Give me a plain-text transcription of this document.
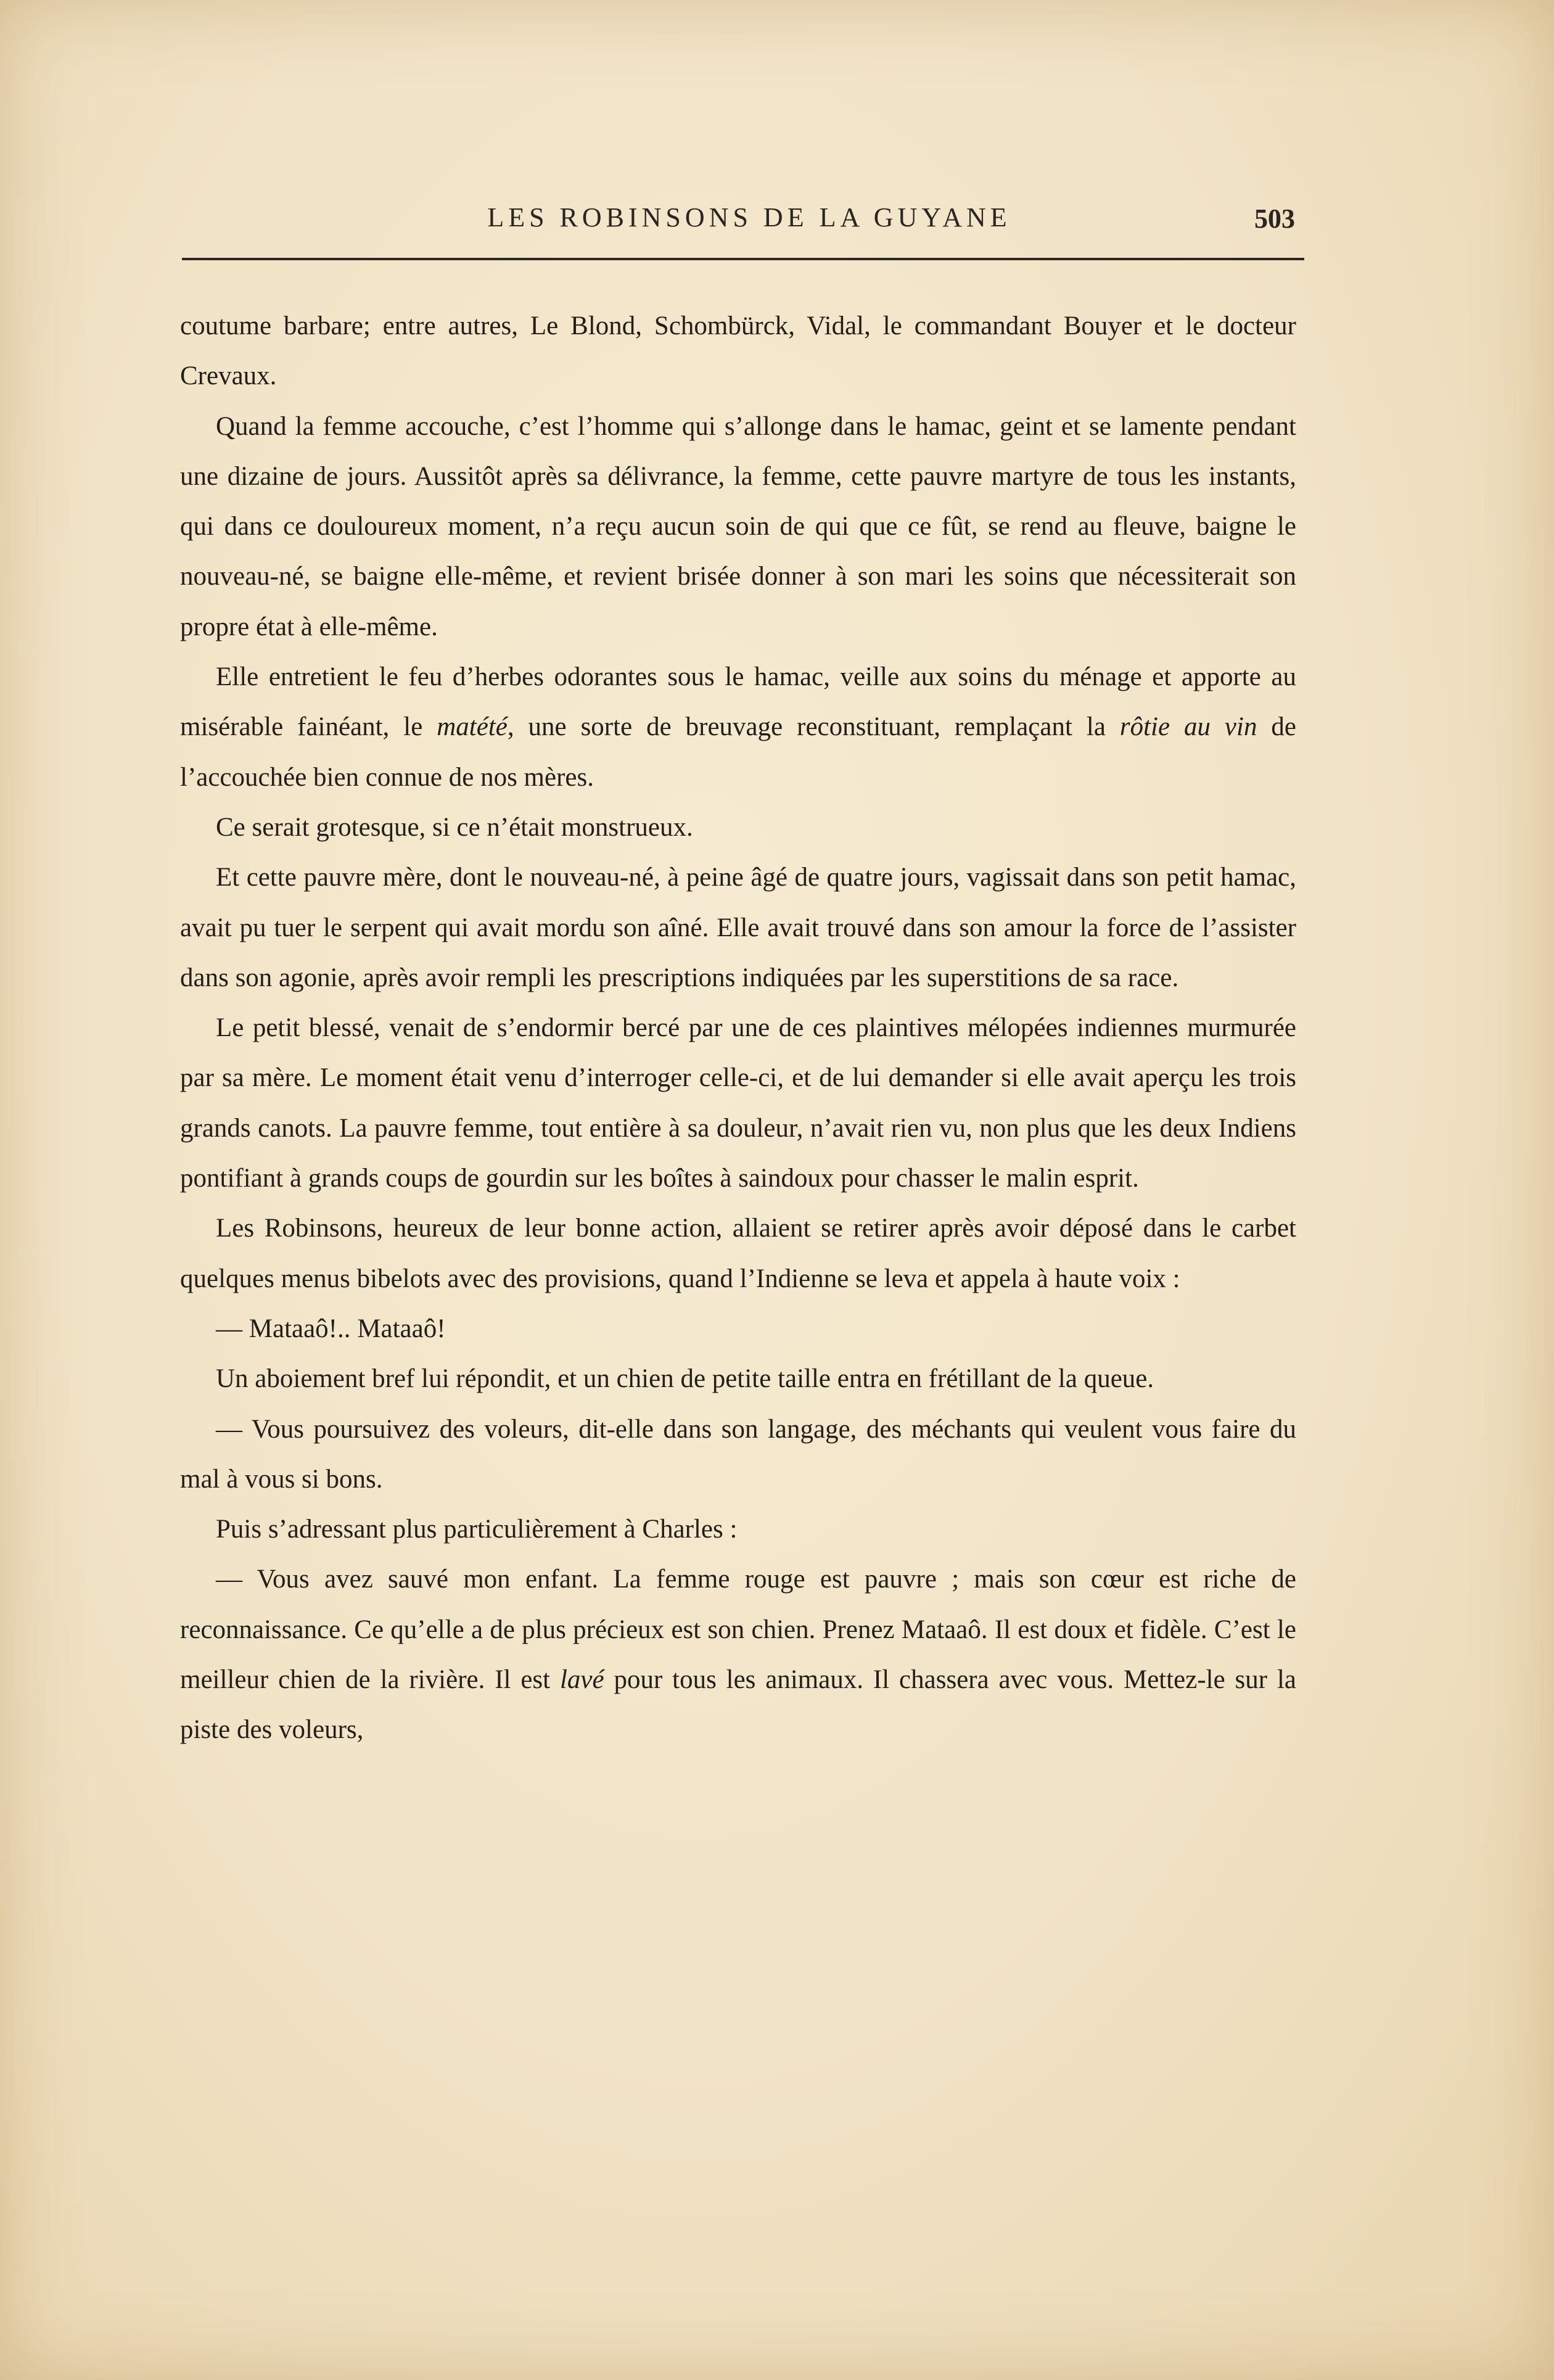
LES ROBINSONS DE LA GUYANE	503

coutume barbare; entre autres, Le Blond, Schombürck, Vidal, le commandant Bouyer et le docteur Crevaux.

Quand la femme accouche, c’est l’homme qui s’allonge dans le hamac, geint et se lamente pendant une dizaine de jours. Aussitôt après sa délivrance, la femme, cette pauvre martyre de tous les instants, qui dans ce douloureux moment, n’a reçu aucun soin de qui que ce fût, se rend au fleuve, baigne le nouveau-né, se baigne elle-même, et revient brisée donner à son mari les soins que nécessiterait son propre état à elle-même.

Elle entretient le feu d’herbes odorantes sous le hamac, veille aux soins du ménage et apporte au misérable fainéant, le matété, une sorte de breuvage reconstituant, remplaçant la rôtie au vin de l’accouchée bien connue de nos mères.

Ce serait grotesque, si ce n’était monstrueux.

Et cette pauvre mère, dont le nouveau-né, à peine âgé de quatre jours, vagissait dans son petit hamac, avait pu tuer le serpent qui avait mordu son aîné. Elle avait trouvé dans son amour la force de l’assister dans son agonie, après avoir rempli les prescriptions indiquées par les superstitions de sa race.

Le petit blessé, venait de s’endormir bercé par une de ces plaintives mélopées indiennes murmurée par sa mère. Le moment était venu d’interroger celle-ci, et de lui demander si elle avait aperçu les trois grands canots. La pauvre femme, tout entière à sa douleur, n’avait rien vu, non plus que les deux Indiens pontifiant à grands coups de gourdin sur les boîtes à saindoux pour chasser le malin esprit.

Les Robinsons, heureux de leur bonne action, allaient se retirer après avoir déposé dans le carbet quelques menus bibelots avec des provisions, quand l’Indienne se leva et appela à haute voix :

— Mataaô!.. Mataaô!

Un aboiement bref lui répondit, et un chien de petite taille entra en frétillant de la queue.

— Vous poursuivez des voleurs, dit-elle dans son langage, des méchants qui veulent vous faire du mal à vous si bons.

Puis s’adressant plus particulièrement à Charles :

— Vous avez sauvé mon enfant. La femme rouge est pauvre ; mais son cœur est riche de reconnaissance. Ce qu’elle a de plus précieux est son chien. Prenez Mataaô. Il est doux et fidèle. C’est le meilleur chien de la rivière. Il est lavé pour tous les animaux. Il chassera avec vous. Mettez-le sur la piste des voleurs,
